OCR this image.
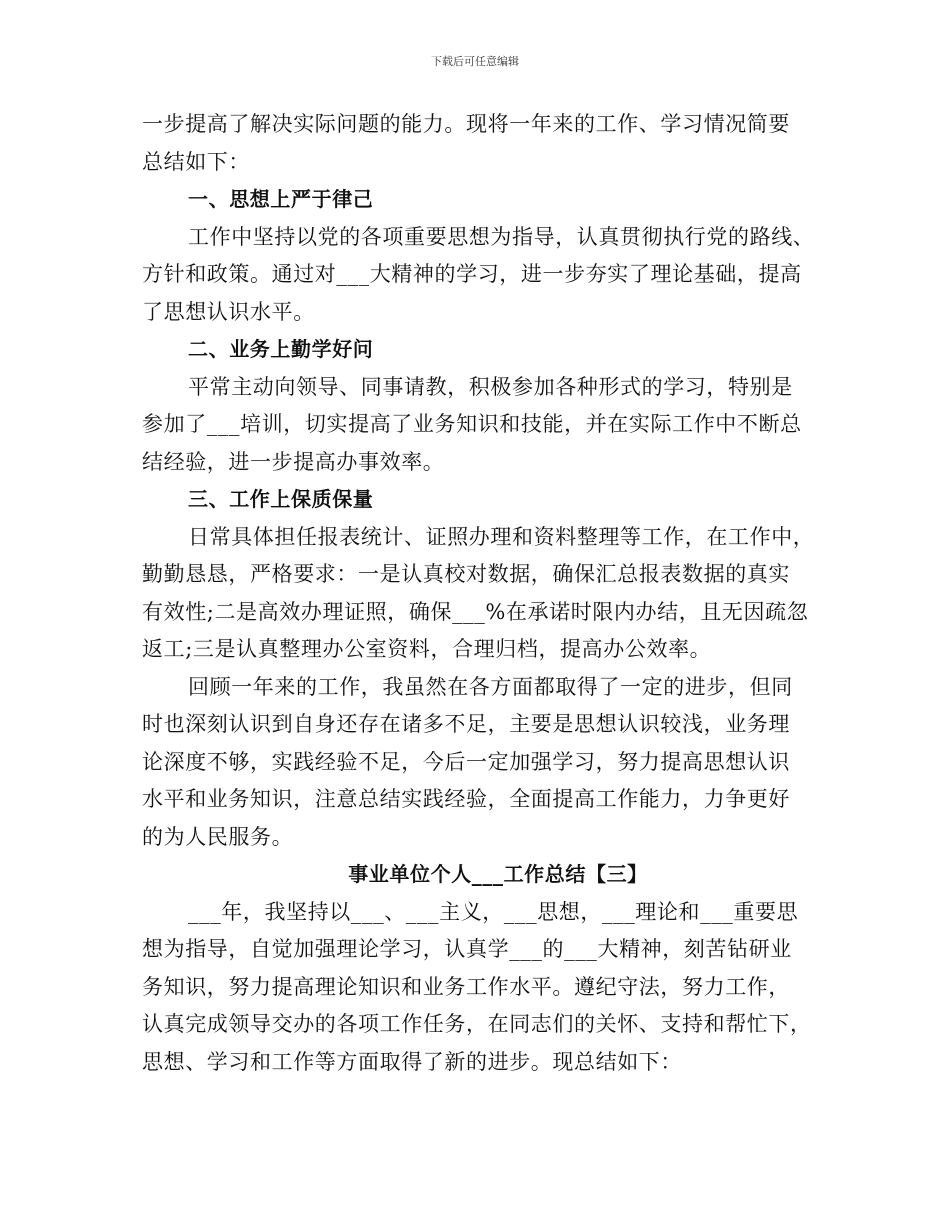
下载后可任意编辑
一步提高了解决实际问题的能力。现将一年来的工作、学习情况简要
总结如下：
一、思想上严于律己
工作中坚持以党的各项重要思想为指导，认真贯彻执行党的路线、
方针和政策。通过对___大精神的学习，进一步夯实了理论基础，提高
了思想认识水平。
二、业务上勤学好问
平常主动向领导、同事请教，积极参加各种形式的学习，特别是
参加了___培训，切实提高了业务知识和技能，并在实际工作中不断总
结经验，进一步提高办事效率。
三、工作上保质保量
日常具体担任报表统计、证照办理和资料整理等工作，在工作中，
勤勤恳恳，严格要求：一是认真校对数据，确保汇总报表数据的真实
有效性;二是高效办理证照，确保___%在承诺时限内办结，且无因疏忽
返工;三是认真整理办公室资料，合理归档，提高办公效率。
回顾一年来的工作，我虽然在各方面都取得了一定的进步，但同
时也深刻认识到自身还存在诸多不足，主要是思想认识较浅，业务理
论深度不够，实践经验不足，今后一定加强学习，努力提高思想认识
水平和业务知识，注意总结实践经验，全面提高工作能力，力争更好
的为人民服务。
事业单位个人___工作总结【三】
___年，我坚持以___、___主义，___思想，___理论和___重要思
想为指导，自觉加强理论学习，认真学___的___大精神，刻苦钻研业
务知识，努力提高理论知识和业务工作水平。遵纪守法，努力工作，
认真完成领导交办的各项工作任务，在同志们的关怀、支持和帮忙下，
思想、学习和工作等方面取得了新的进步。现总结如下：
